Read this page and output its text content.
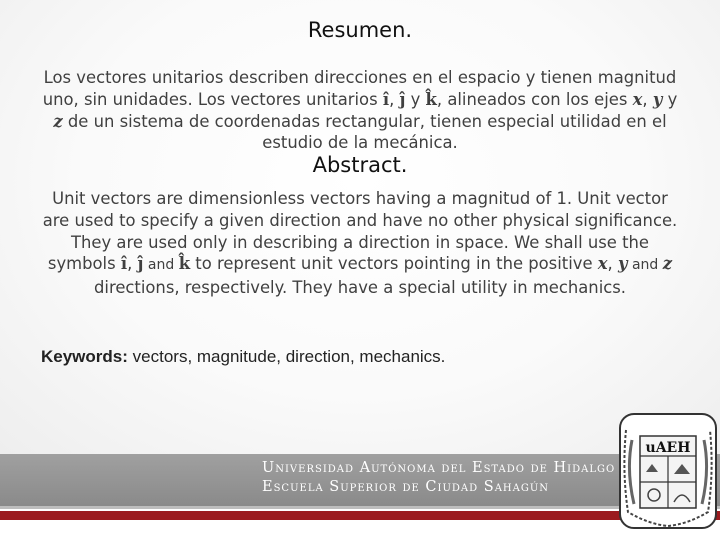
Resumen.

Los vectores unitarios describen direcciones en el espacio y tienen magnitud uno, sin unidades. Los vectores unitarios î, ĵ y k̂, alineados con los ejes x, y y z de un sistema de coordenadas rectangular, tienen especial utilidad en el estudio de la mecánica.

Abstract.

Unit vectors are dimensionless vectors having a magnitud of 1. Unit vector are used to specify a given direction and have no other physical significance. They are used only in describing a direction in space. We shall use the symbols î, ĵ and k̂ to represent unit vectors pointing in the positive x, y and z directions, respectively. They have a special utility in mechanics.

Keywords: vectors, magnitude, direction, mechanics.
Universidad Autónoma del Estado de Hidalgo
Escuela Superior de Ciudad Sahagún
uAEH
